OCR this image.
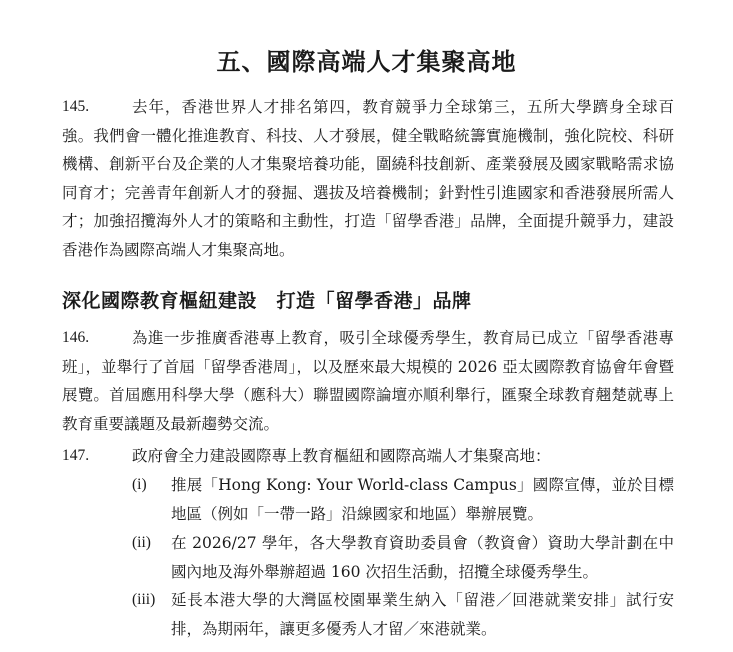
五、國際高端人才集聚高地
145.	去年，香港世界人才排名第四，教育競爭力全球第三，五所大學躋身全球百強。我們會一體化推進教育、科技、人才發展，健全戰略統籌實施機制，強化院校、科研機構、創新平台及企業的人才集聚培養功能，圍繞科技創新、產業發展及國家戰略需求協同育才；完善青年創新人才的發掘、選拔及培養機制；針對性引進國家和香港發展所需人才；加強招攬海外人才的策略和主動性，打造「留學香港」品牌，全面提升競爭力，建設香港作為國際高端人才集聚高地。
深化國際教育樞紐建設　打造「留學香港」品牌
146.	為進一步推廣香港專上教育，吸引全球優秀學生，教育局已成立「留學香港專班」，並舉行了首屆「留學香港周」，以及歷來最大規模的 2026 亞太國際教育協會年會暨展覽。首屆應用科學大學（應科大）聯盟國際論壇亦順利舉行，匯聚全球教育翹楚就專上教育重要議題及最新趨勢交流。
147.	政府會全力建設國際專上教育樞紐和國際高端人才集聚高地：
(i) 推展「Hong Kong: Your World-class Campus」國際宣傳，並於目標地區（例如「一帶一路」沿線國家和地區）舉辦展覽。
(ii) 在 2026/27 學年，各大學教育資助委員會（教資會）資助大學計劃在中國內地及海外舉辦超過 160 次招生活動，招攬全球優秀學生。
(iii) 延長本港大學的大灣區校園畢業生納入「留港／回港就業安排」試行安排，為期兩年，讓更多優秀人才留／來港就業。
